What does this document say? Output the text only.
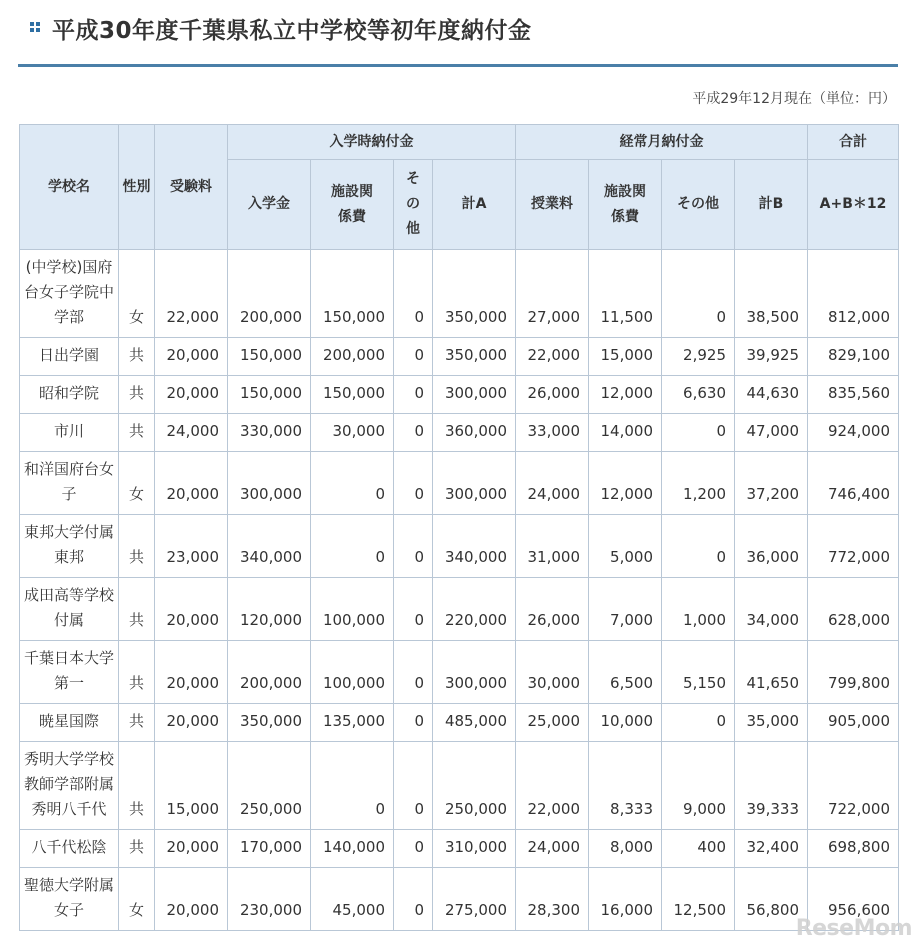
平成30年度千葉県私立中学校等初年度納付金
平成29年12月現在（単位：円）
学校名	性別	受験料	入学時納付金				経常月納付金				合計
			入学金	施設関係費	その他	計A	授業料	施設関係費	その他	計B	A+B＊12
(中学校)国府台女子学院中学部	女	22,000	200,000	150,000	0	350,000	27,000	11,500	0	38,500	812,000
日出学園	共	20,000	150,000	200,000	0	350,000	22,000	15,000	2,925	39,925	829,100
昭和学院	共	20,000	150,000	150,000	0	300,000	26,000	12,000	6,630	44,630	835,560
市川	共	24,000	330,000	30,000	0	360,000	33,000	14,000	0	47,000	924,000
和洋国府台女子	女	20,000	300,000	0	0	300,000	24,000	12,000	1,200	37,200	746,400
東邦大学付属東邦	共	23,000	340,000	0	0	340,000	31,000	5,000	0	36,000	772,000
成田高等学校付属	共	20,000	120,000	100,000	0	220,000	26,000	7,000	1,000	34,000	628,000
千葉日本大学第一	共	20,000	200,000	100,000	0	300,000	30,000	6,500	5,150	41,650	799,800
暁星国際	共	20,000	350,000	135,000	0	485,000	25,000	10,000	0	35,000	905,000
秀明大学学校教師学部附属秀明八千代	共	15,000	250,000	0	0	250,000	22,000	8,333	9,000	39,333	722,000
八千代松陰	共	20,000	170,000	140,000	0	310,000	24,000	8,000	400	32,400	698,800
聖徳大学附属女子	女	20,000	230,000	45,000	0	275,000	28,300	16,000	12,500	56,800	956,600
ReseMom
